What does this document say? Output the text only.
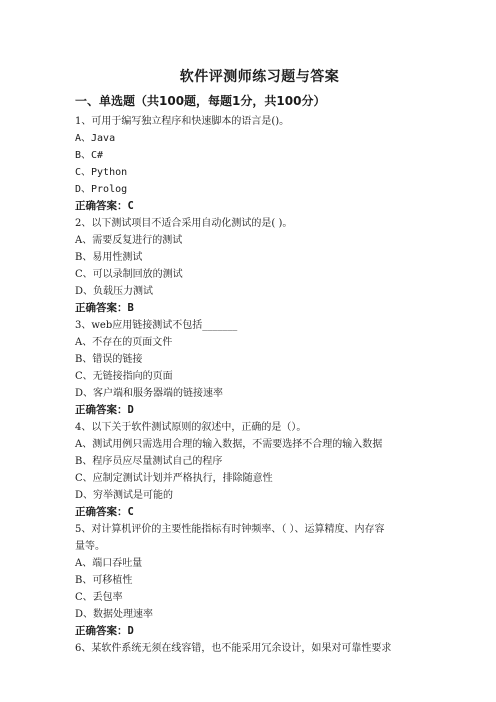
软件评测师练习题与答案
一、单选题（共100题，每题1分，共100分）
1、可用于编写独立程序和快速脚本的语言是()。
A、Java
B、C#
C、Python
D、Prolog
正确答案：C
2、以下测试项目不适合采用自动化测试的是( )。
A、需要反复进行的测试
B、易用性测试
C、可以录制回放的测试
D、负载压力测试
正确答案：B
3、web应用链接测试不包括_______
A、不存在的页面文件
B、错误的链接
C、无链接指向的页面
D、客户端和服务器端的链接速率
正确答案：D
4、以下关于软件测试原则的叙述中，正确的是（）。
A、测试用例只需选用合理的输入数据，不需要选择不合理的输入数据
B、程序员应尽量测试自己的程序
C、应制定测试计划并严格执行，排除随意性
D、穷举测试是可能的
正确答案：C
5、对计算机评价的主要性能指标有时钟频率、（ ）、运算精度、内存容
量等。
A、端口吞吐量
B、可移植性
C、丢包率
D、数据处理速率
正确答案：D
6、某软件系统无须在线容错，也不能采用冗余设计，如果对可靠性要求
